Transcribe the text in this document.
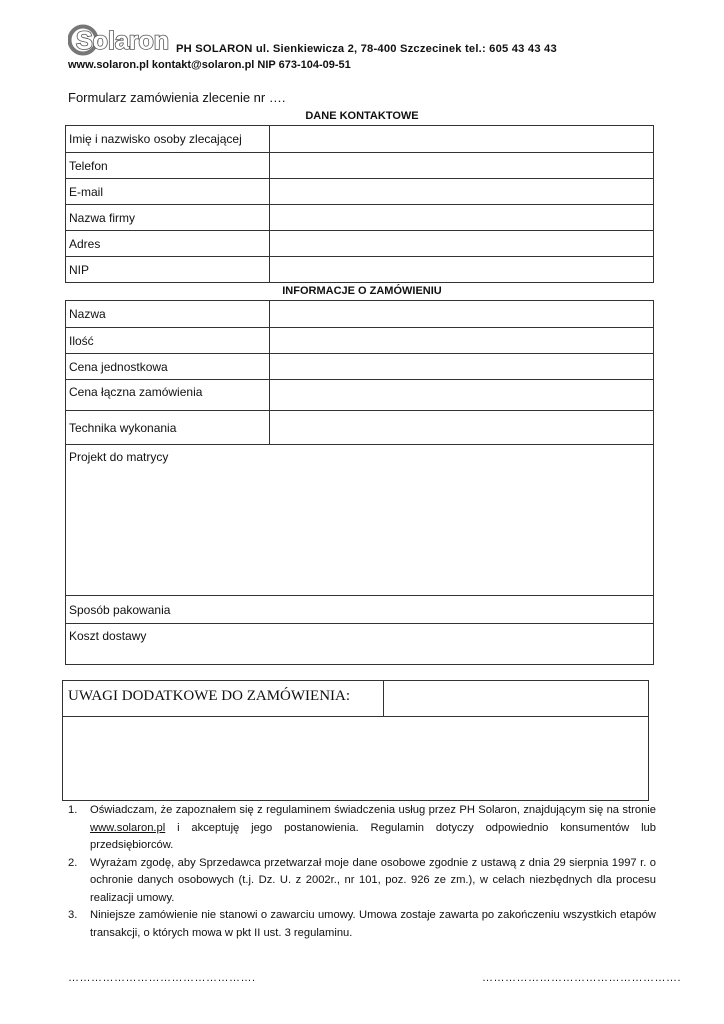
Solaron PH SOLARON ul. Sienkiewicza 2, 78-400 Szczecinek tel.: 605 43 43 43
www.solaron.pl kontakt@solaron.pl NIP 673-104-09-51
Formularz zamówienia zlecenie nr ….
DANE KONTAKTOWE
Imię i nazwisko osoby zlecającej	
Telefon	
E-mail	
Nazwa firmy	
Adres	
NIP	
INFORMACJE O ZAMÓWIENIU
Nazwa	
Ilość	
Cena jednostkowa	
Cena łączna zamówienia	
Technika wykonania	
Projekt do matrycy	
Sposób pakowania	
Koszt dostawy	
UWAGI DODATKOWE DO ZAMÓWIENIA:
1. Oświadczam, że zapoznałem się z regulaminem świadczenia usług przez PH Solaron, znajdującym się na stronie www.solaron.pl i akceptuję jego postanowienia. Regulamin dotyczy odpowiednio konsumentów lub przedsiębiorców.
2. Wyrażam zgodę, aby Sprzedawca przetwarzał moje dane osobowe zgodnie z ustawą z dnia 29 sierpnia 1997 r. o ochronie danych osobowych (t.j. Dz. U. z 2002r., nr 101, poz. 926 ze zm.), w celach niezbędnych dla procesu realizacji umowy.
3. Niniejsze zamówienie nie stanowi o zawarciu umowy. Umowa zostaje zawarta po zakończeniu wszystkich etapów transakcji, o których mowa w pkt II ust. 3 regulaminu.
………………………………………….	…………………………………………….
